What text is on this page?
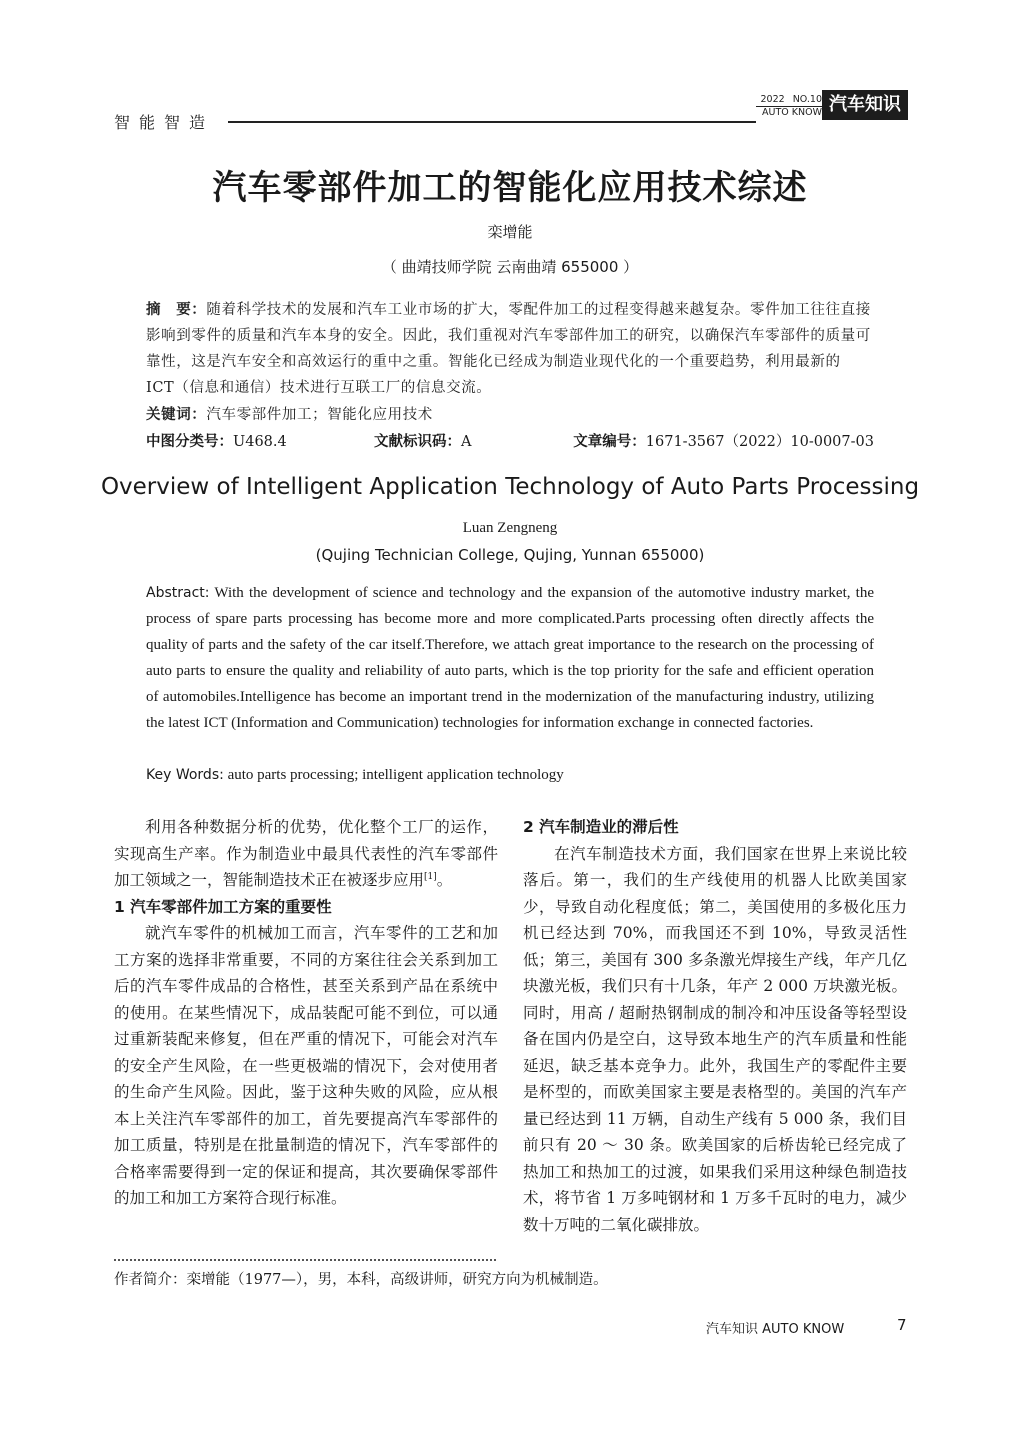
智能智造
2022 NO.10
AUTO KNOW 汽车知识
汽车零部件加工的智能化应用技术综述
栾增能
（ 曲靖技师学院 云南曲靖 655000 ）
摘　要：随着科学技术的发展和汽车工业市场的扩大，零配件加工的过程变得越来越复杂。零件加工往往直接影响到零件的质量和汽车本身的安全。因此，我们重视对汽车零部件加工的研究，以确保汽车零部件的质量可靠性，这是汽车安全和高效运行的重中之重。智能化已经成为制造业现代化的一个重要趋势，利用最新的 ICT（信息和通信）技术进行互联工厂的信息交流。
关键词：汽车零部件加工；智能化应用技术
中图分类号：U468.4	文献标识码：A	文章编号：1671-3567（2022）10-0007-03
Overview of Intelligent Application Technology of Auto Parts Processing
Luan Zengneng
(Qujing Technician College, Qujing, Yunnan 655000)
Abstract: With the development of science and technology and the expansion of the automotive industry market, the process of spare parts processing has become more and more complicated.Parts processing often directly affects the quality of parts and the safety of the car itself.Therefore, we attach great importance to the research on the processing of auto parts to ensure the quality and reliability of auto parts, which is the top priority for the safe and efficient operation of automobiles.Intelligence has become an important trend in the modernization of the manufacturing industry, utilizing the latest ICT (Information and Communication) technologies for information exchange in connected factories.
Key Words: auto parts processing; intelligent application technology

利用各种数据分析的优势，优化整个工厂的运作，实现高生产率。作为制造业中最具代表性的汽车零部件加工领域之一，智能制造技术正在被逐步应用[1]。

1 汽车零部件加工方案的重要性

就汽车零件的机械加工而言，汽车零件的工艺和加工方案的选择非常重要，不同的方案往往会关系到加工后的汽车零件成品的合格性，甚至关系到产品在系统中的使用。在某些情况下，成品装配可能不到位，可以通过重新装配来修复，但在严重的情况下，可能会对汽车的安全产生风险，在一些更极端的情况下，会对使用者的生命产生风险。因此，鉴于这种失败的风险，应从根本上关注汽车零部件的加工，首先要提高汽车零部件的加工质量，特别是在批量制造的情况下，汽车零部件的合格率需要得到一定的保证和提高，其次要确保零部件的加工和加工方案符合现行标准。

2 汽车制造业的滞后性

在汽车制造技术方面，我们国家在世界上来说比较落后。第一，我们的生产线使用的机器人比欧美国家少，导致自动化程度低；第二，美国使用的多极化压力机已经达到 70%，而我国还不到 10%，导致灵活性低；第三，美国有 300 多条激光焊接生产线，年产几亿块激光板，我们只有十几条，年产 2 000 万块激光板。同时，用高 / 超耐热钢制成的制冷和冲压设备等轻型设备在国内仍是空白，这导致本地生产的汽车质量和性能延迟，缺乏基本竞争力。此外，我国生产的零配件主要是杯型的，而欧美国家主要是表格型的。美国的汽车产量已经达到 11 万辆，自动生产线有 5 000 条，我们目前只有 20 ～ 30 条。欧美国家的后桥齿轮已经完成了热加工和热加工的过渡，如果我们采用这种绿色制造技术，将节省 1 万多吨钢材和 1 万多千瓦时的电力，减少数十万吨的二氧化碳排放。

作者简介：栾增能（1977—），男，本科，高级讲师，研究方向为机械制造。
汽车知识 AUTO KNOW	7
